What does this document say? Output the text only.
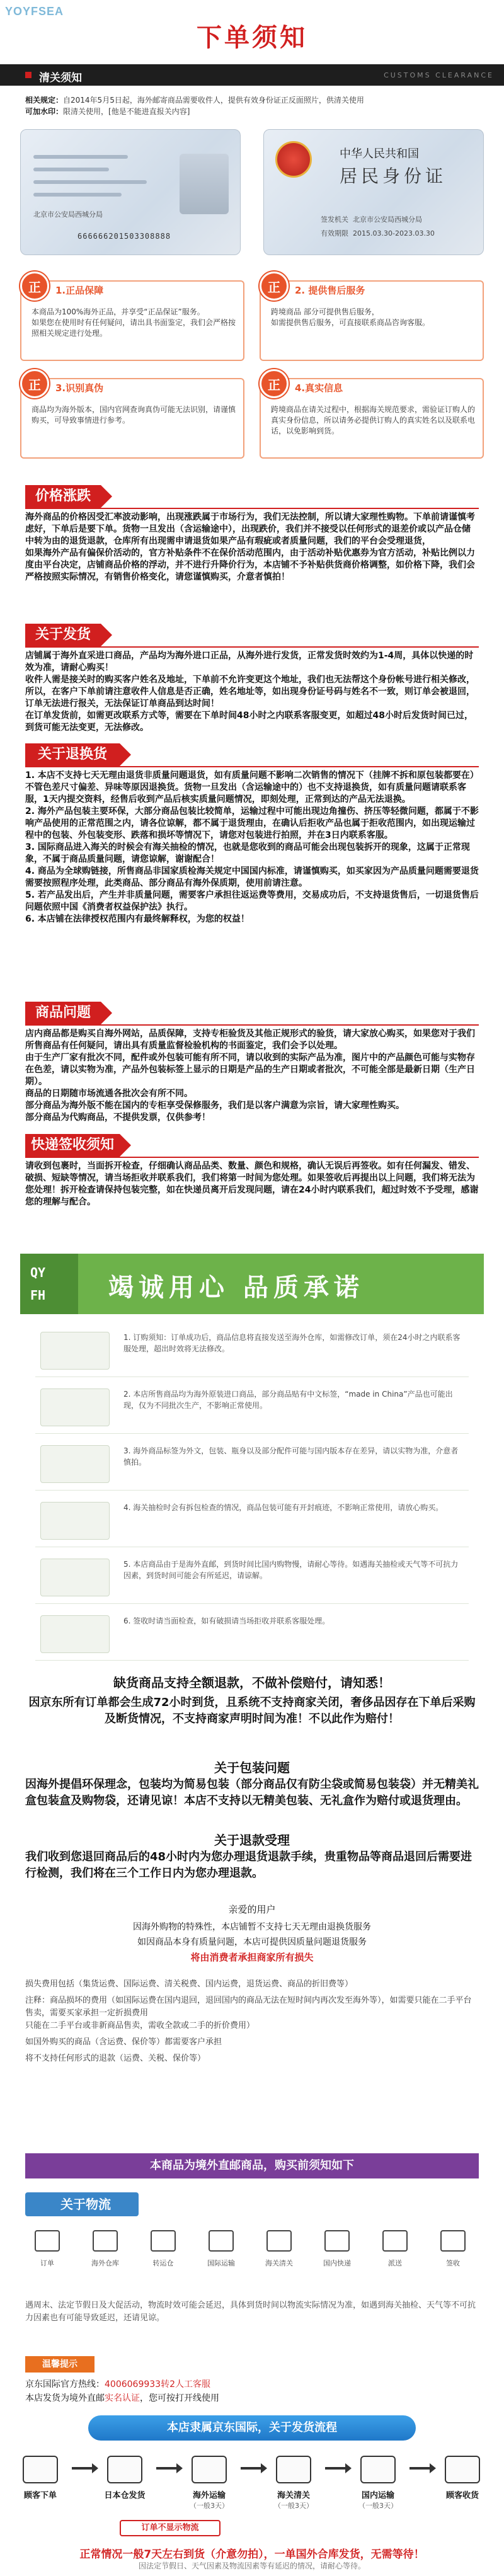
YOYFSEA
下单须知
清关须知	CUSTOMS CLEARANCE
相关规定：自2014年5月5日起，海外邮寄商品需要收件人，提供有效身份证正反面照片，供清关使用
可加水印：限清关使用，[他是不能进直报关内容]
北京市公安局西城分局
666666201503308888
中华人民共和国
居民身份证
签发机关 北京市公安局西城分局
有效期限 2015.03.30-2023.03.30
正	1.正品保障
本商品为100%海外正品，并享受“正品保证”服务。
如果您在使用时有任何疑问，请出具书面鉴定，我们会严格按照相关规定进行处理。
正	2. 提供售后服务
跨境商品 部分可提供售后服务，
如需提供售后服务，可直接联系商品咨询客服。
正	3.识别真伪
商品均为海外版本，国内官网查询真伪可能无法识别，请谨慎购买，可导致事情进行参考。
正	4.真实信息
跨境商品在请关过程中，根据海关规范要求，需验证订购人的真实身份信息，所以请务必提供订购人的真实姓名以及联系电话，以免影响到货。
价格涨跌
海外商品的价格因受汇率波动影响，出现涨跌属于市场行为，我们无法控制，所以请大家理性购物。下单前请谨慎考虑好，下单后是要下单。货物一旦发出（含运输途中），出现跌价，我们并不接受以任何形式的退差价或以产品仓储中转为由的退货退款，仓库所有出现需申请退货如果产品有瑕疵或者质量问题，我们的平台会受理退货，
如果海外产品有偏保价活动的，官方补贴条件不在保价活动范围内，由于活动补贴优惠券为官方活动，补贴比例以力度由平台决定，店铺商品价格的浮动，并不进行升降价行为，本店铺不予补贴供货商价格调整，如价格下降，我们会严格按照实际情况，有销售价格变化，请您谨慎购买，介意者慎拍！
关于发货
店铺属于海外直采进口商品，产品均为海外进口正品，从海外进行发货，正常发货时效约为1-4周，具体以快递的时效为准，请耐心购买！
收件人需是接关时的购买客户姓名及地址，下单前不允许变更这个地址，我们也无法帮这个身份帐号进行相关修改，所以，在客户下单前请注意收件人信息是否正确，姓名地址等，如出现身份证号码与姓名不一致，则订单会被退回，订单无法进行报关，无法保证订单商品到达时间！
在订单发货前，如需更改联系方式等，需要在下单时间48小时之内联系客服变更，如超过48小时后发货时间已过，到货可能无法变更，无法修改。
关于退换货
1. 本店不支持七天无理由退货非质量问题退货，如有质量问题不影响二次销售的情况下（挂牌不拆和原包装都要在）不管色差尺寸偏差、异味等原因退换货。货物一旦发出（含运输途中的）也不支持退换货，如有质量问题请联系客服，1天内提交资料，经售后收到产品后核实质量问题情况，即刻处理，正常到达的产品无法退换。
2. 海外产品包装主要环保，大部分商品包装比较简单，运输过程中可能出现边角撞伤、挤压等轻微问题，都属于不影响产品使用的正常范围之内，请各位谅解，都不属于退货理由，在确认后拒收产品也属于拒收范围内，如出现运输过程中的包装、外包装变形、跌落和损坏等情况下，请您对包装进行拍照，并在3日内联系客服。
3. 国际商品进入海关的时候会有海关抽检的情况，也就是您收到的商品可能会出现包装拆开的现象，这属于正常现象，不属于商品质量问题，请您谅解，谢谢配合！
4. 商品为全球购链接，所售商品非国家质检海关规定中国国内标准，请谨慎购买，如买家因为产品质量问题需要退货需要按照程序处理，此类商品、部分商品有海外保质期，使用前请注意。
5. 若产品发出后，产生并非质量问题，需要客户承担往返运费等费用，交易成功后，不支持退货售后，一切退货售后问题依照中国《消费者权益保护法》执行。
6. 本店铺在法律授权范围内有最终解释权，为您的权益！
商品问题
店内商品都是购买自海外网站，品质保障，支持专柜验货及其他正规形式的验货，请大家放心购买，如果您对于我们所售商品有任何疑问，请出具有质量监督检验机构的书面鉴定，我们会予以处理。
由于生产厂家有批次不同，配件或外包装可能有所不同，请以收到的实际产品为准，图片中的产品颜色可能与实物存在色差，请以实物为准，产品外包装标签上显示的日期是产品的生产日期或者批次，不可能全部是最新日期（生产日期）。
商品的日期随市场流通各批次会有所不同。
部分商品为海外版不能在国内的专柜享受保修服务，我们是以客户满意为宗旨，请大家理性购买。
部分商品为代购商品，不提供发票，仅供参考！
快递签收须知
请收到包裹时，当面拆开检查，仔细确认商品品类、数量、颜色和规格，确认无误后再签收。如有任何漏发、错发、破损、短缺等情况，请当场拒收并联系我们，我们将第一时间为您处理。如果签收后再提出以上问题，我们将无法为您处理！拆开检查请保持包装完整，如在快递员离开后发现问题，请在24小时内联系我们，超过时效不予受理，感谢您的理解与配合。
QY
FH	竭诚用心 品质承诺
1. 订购须知：订单成功后，商品信息将直接发送至海外仓库，如需修改订单，须在24小时之内联系客服处理，超出时效将无法修改。
2. 本店所售商品均为海外原装进口商品，部分商品贴有中文标签，“made in China”产品也可能出现，仅为不同批次生产，不影响正常使用。
3. 海外商品标签为外文，包装、瓶身以及部分配件可能与国内版本存在差异，请以实物为准，介意者慎拍。
4. 海关抽检时会有拆包检查的情况，商品包装可能有开封痕迹，不影响正常使用，请放心购买。
5. 本店商品由于是海外直邮，到货时间比国内购物慢，请耐心等待。如遇海关抽检或天气等不可抗力因素，到货时间可能会有所延迟，请谅解。
6. 签收时请当面检查，如有破损请当场拒收并联系客服处理。
缺货商品支持全额退款，不做补偿赔付，请知悉！
因京东所有订单都会生成72小时到货，且系统不支持商家关闭，奢侈品因存在下单后采购及断货情况，不支持商家声明时间为准！不以此作为赔付！
关于包装问题
因海外提倡环保理念，包装均为简易包装（部分商品仅有防尘袋或简易包装袋）并无精美礼盒包装盒及购物袋，还请见谅！本店不支持以无精美包装、无礼盒作为赔付或退货理由。
关于退款受理
我们收到您退回商品后的48小时内为您办理退货退款手续，贵重物品等商品退回后需要进行检测，我们将在三个工作日内为您办理退款。
亲爱的用户
因海外购物的特殊性，本店铺暂不支持七天无理由退换货服务
如因商品本身有质量问题，本店可提供因质量问题退货服务
将由消费者承担商家所有损失
损失费用包括（集货运费、国际运费、清关税费、国内运费，退货运费、商品的折旧费等）
注释：商品损坏的费用（如国际运费在国内退回，退回国内的商品无法在短时间内再次发至海外等），如需要只能在二手平台售卖，需要买家承担一定折损费用
只能在二手平台或非新商品售卖，需收全款或二手的折价费用）
如国外购买的商品（含运费、保价等）都需要客户承担
将不支持任何形式的退款（运费、关税、保价等）
本商品为境外直邮商品，购买前须知如下
关于物流
订单	海外仓库	转运仓	国际运输	海关清关	国内快递	派送	签收
遇周末、法定节假日及大促活动，物流时效可能会延迟，具体到货时间以物流实际情况为准，如遇到海关抽检、天气等不可抗力因素也有可能导致延迟，还请见谅。
温馨提示
京东国际官方热线：4006069933转2人工客服
本店发货为境外直邮实名认证，您可按打开线使用
本店隶属京东国际，关于发货流程
顾客下单	日本仓发货	海外运输
（一般3天）
海关清关
（一般3天）
国内运输
（一般3天）
顾客收货
订单不显示物流
正常情况一般7天左右到货（介意勿拍），一单国外合库发货，无需等待！
因法定节假日、天气因素及物流因素等有延迟的情况，请耐心等待。
